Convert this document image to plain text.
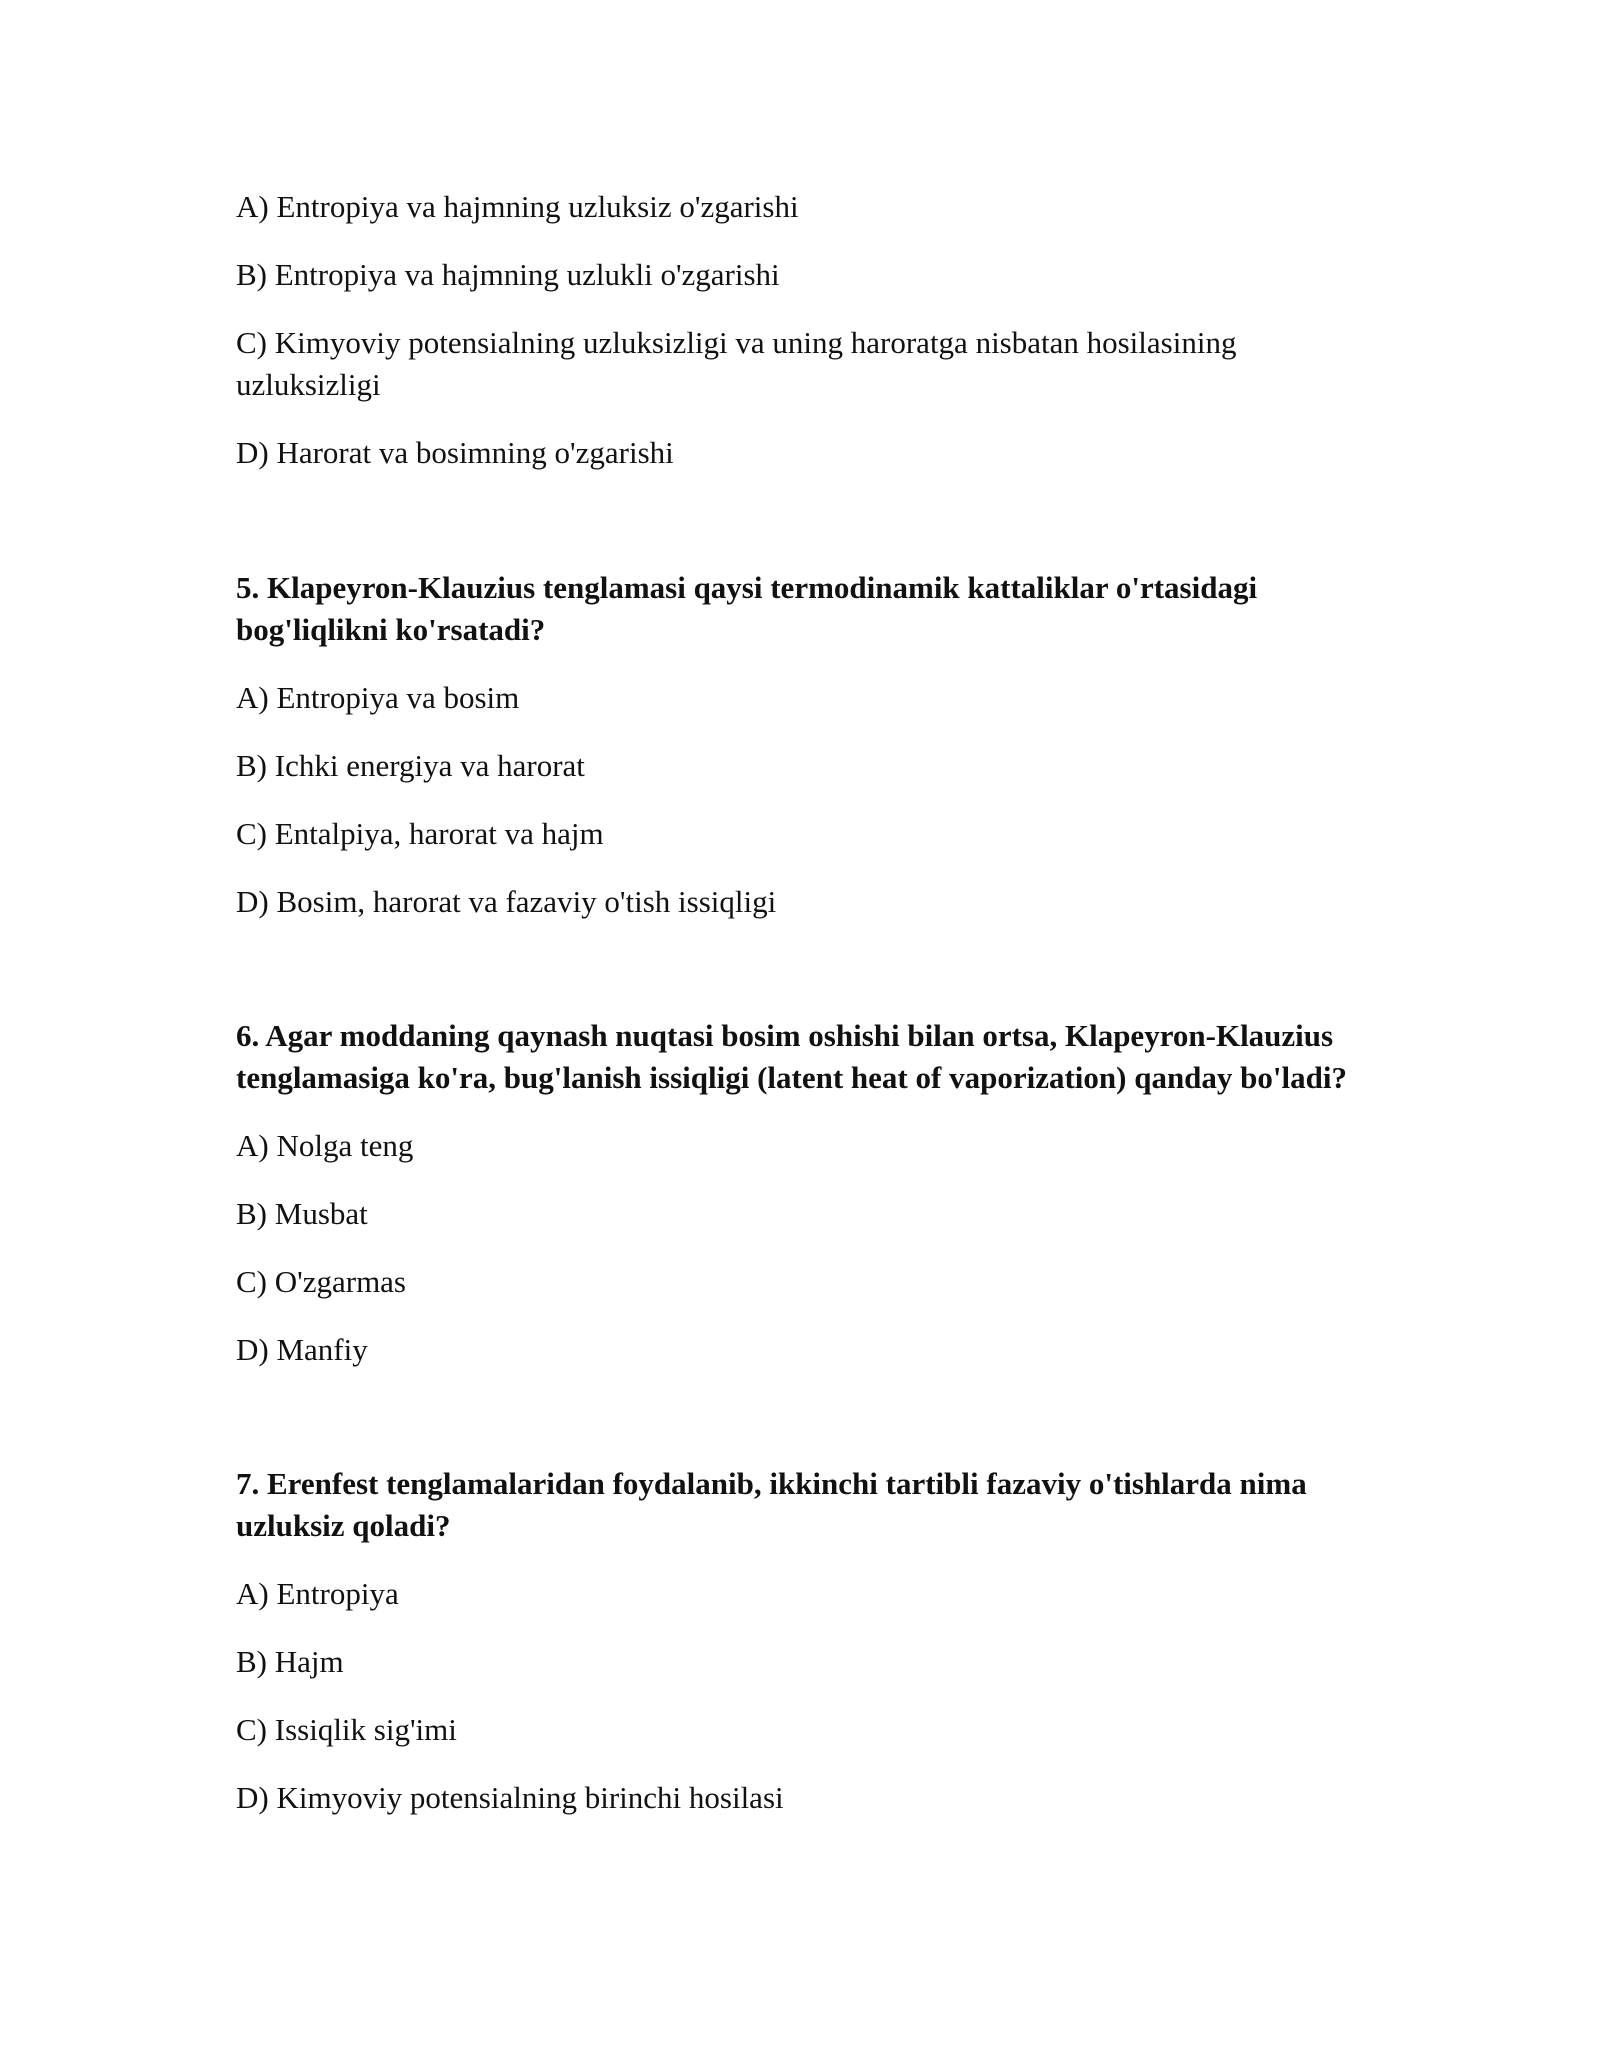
A) Entropiya va hajmning uzluksiz o'zgarishi
B) Entropiya va hajmning uzlukli o'zgarishi
C) Kimyoviy potensialning uzluksizligi va uning haroratga nisbatan hosilasining
uzluksizligi
D) Harorat va bosimning o'zgarishi
5. Klapeyron-Klauzius tenglamasi qaysi termodinamik kattaliklar o'rtasidagi
bog'liqlikni ko'rsatadi?
A) Entropiya va bosim
B) Ichki energiya va harorat
C) Entalpiya, harorat va hajm
D) Bosim, harorat va fazaviy o'tish issiqligi
6. Agar moddaning qaynash nuqtasi bosim oshishi bilan ortsa, Klapeyron-Klauzius
tenglamasiga ko'ra, bug'lanish issiqligi (latent heat of vaporization) qanday bo'ladi?
A) Nolga teng
B) Musbat
C) O'zgarmas
D) Manfiy
7. Erenfest tenglamalaridan foydalanib, ikkinchi tartibli fazaviy o'tishlarda nima
uzluksiz qoladi?
A) Entropiya
B) Hajm
C) Issiqlik sig'imi
D) Kimyoviy potensialning birinchi hosilasi
